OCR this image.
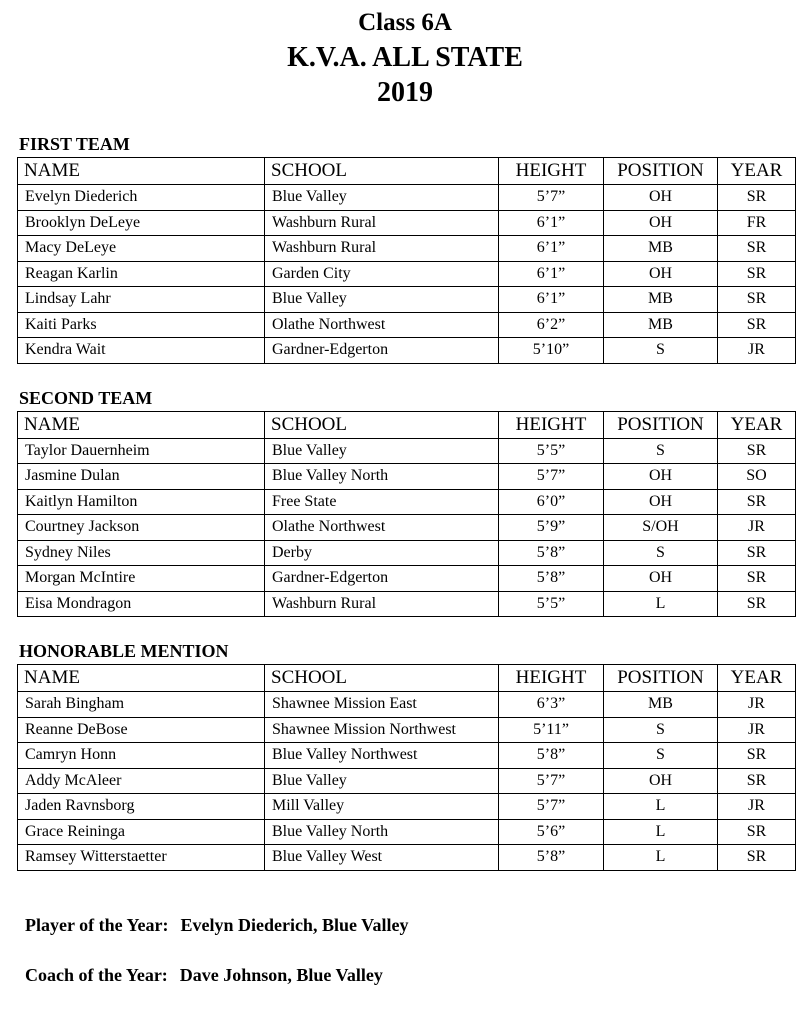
Class 6A
K.V.A. ALL STATE
2019
FIRST TEAM
NAME	SCHOOL	HEIGHT	POSITION	YEAR
Evelyn Diederich	Blue Valley	5’7”	OH	SR
Brooklyn DeLeye	Washburn Rural	6’1”	OH	FR
Macy DeLeye	Washburn Rural	6’1”	MB	SR
Reagan Karlin	Garden City	6’1”	OH	SR
Lindsay Lahr	Blue Valley	6’1”	MB	SR
Kaiti Parks	Olathe Northwest	6’2”	MB	SR
Kendra Wait	Gardner-Edgerton	5’10”	S	JR
SECOND TEAM
NAME	SCHOOL	HEIGHT	POSITION	YEAR
Taylor Dauernheim	Blue Valley	5’5”	S	SR
Jasmine Dulan	Blue Valley North	5’7”	OH	SO
Kaitlyn Hamilton	Free State	6’0”	OH	SR
Courtney Jackson	Olathe Northwest	5’9”	S/OH	JR
Sydney Niles	Derby	5’8”	S	SR
Morgan McIntire	Gardner-Edgerton	5’8”	OH	SR
Eisa Mondragon	Washburn Rural	5’5”	L	SR
HONORABLE MENTION
NAME	SCHOOL	HEIGHT	POSITION	YEAR
Sarah Bingham	Shawnee Mission East	6’3”	MB	JR
Reanne DeBose	Shawnee Mission Northwest	5’11”	S	JR
Camryn Honn	Blue Valley Northwest	5’8”	S	SR
Addy McAleer	Blue Valley	5’7”	OH	SR
Jaden Ravnsborg	Mill Valley	5’7”	L	JR
Grace Reininga	Blue Valley North	5’6”	L	SR
Ramsey Witterstaetter	Blue Valley West	5’8”	L	SR

Player of the Year: Evelyn Diederich, Blue Valley

Coach of the Year: Dave Johnson, Blue Valley
